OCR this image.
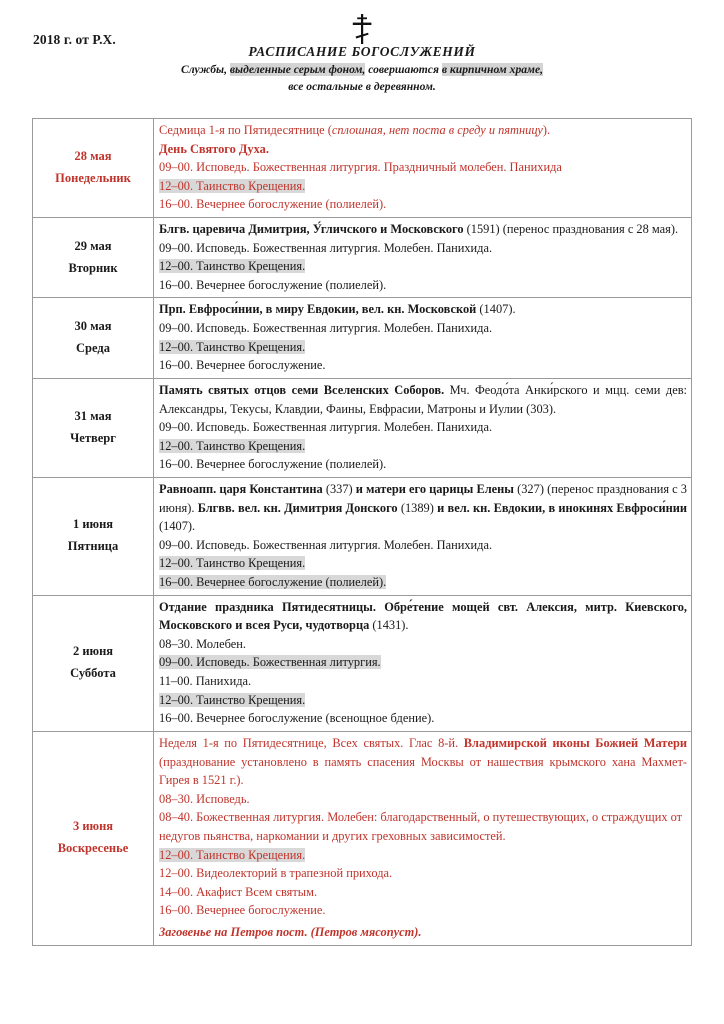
2018 г. от Р.Х.
РАСПИСАНИЕ БОГОСЛУЖЕНИЙ
Службы, выделенные серым фоном, совершаются в кирпичном храме,
все остальные в деревянном.
28 мая
Понедельник

Седмица 1-я по Пятидесятнице (сплошная, нет поста в среду и пятницу).
День Святого Духа.
09–00. Исповедь. Божественная литургия. Праздничный молебен. Панихида
12–00. Таинство Крещения.
16–00. Вечернее богослужение (полиелей).

29 мая
Вторник

Блгв. царевича Димитрия, У́гличского и Московского (1591) (перенос празднования с 28 мая).
09–00. Исповедь. Божественная литургия. Молебен. Панихида.
12–00. Таинство Крещения.
16–00. Вечернее богослужение (полиелей).

30 мая
Среда

Прп. Евфроси́нии, в миру Евдокии, вел. кн. Московской (1407).
09–00. Исповедь. Божественная литургия. Молебен. Панихида.
12–00. Таинство Крещения.
16–00. Вечернее богослужение.

31 мая
Четверг

Память святых отцов семи Вселенских Соборов. Мч. Феодо́та Анки́рского и мцц. семи дев: Александры, Текусы, Клавдии, Фаины, Евфрасии, Матроны и Иулии (303).
09–00. Исповедь. Божественная литургия. Молебен. Панихида.
12–00. Таинство Крещения.
16–00. Вечернее богослужение (полиелей).

1 июня
Пятница

Равноапп. царя Константина (337) и матери его царицы Елены (327) (перенос празднования с 3 июня). Блгвв. вел. кн. Димитрия Донского (1389) и вел. кн. Евдокии, в инокинях Евфроси́нии (1407).
09–00. Исповедь. Божественная литургия. Молебен. Панихида.
12–00. Таинство Крещения.
16–00. Вечернее богослужение (полиелей).

2 июня
Суббота

Отдание праздника Пятидесятницы. Обре́тение мощей свт. Алексия, митр. Киевского, Московского и всея Руси, чудотворца (1431).
08–30. Молебен.
09–00. Исповедь. Божественная литургия.
11–00. Панихида.
12–00. Таинство Крещения.
16–00. Вечернее богослужение (всенощное бдение).

3 июня
Воскресенье

Неделя 1-я по Пятидесятнице, Всех святых. Глас 8-й. Владимирской иконы Божией Матери (празднование установлено в память спасения Москвы от нашествия крымского хана Махмет-Гирея в 1521 г.).
08–30. Исповедь.
08–40. Божественная литургия. Молебен: благодарственный, о путешествующих, о страждущих от недугов пьянства, наркомании и других греховных зависимостей.
12–00. Таинство Крещения.
12–00. Видеолекторий в трапезной прихода.
14–00. Акафист Всем святым.
16–00. Вечернее богослужение.
Заговенье на Петров пост. (Петров мясопуст).
